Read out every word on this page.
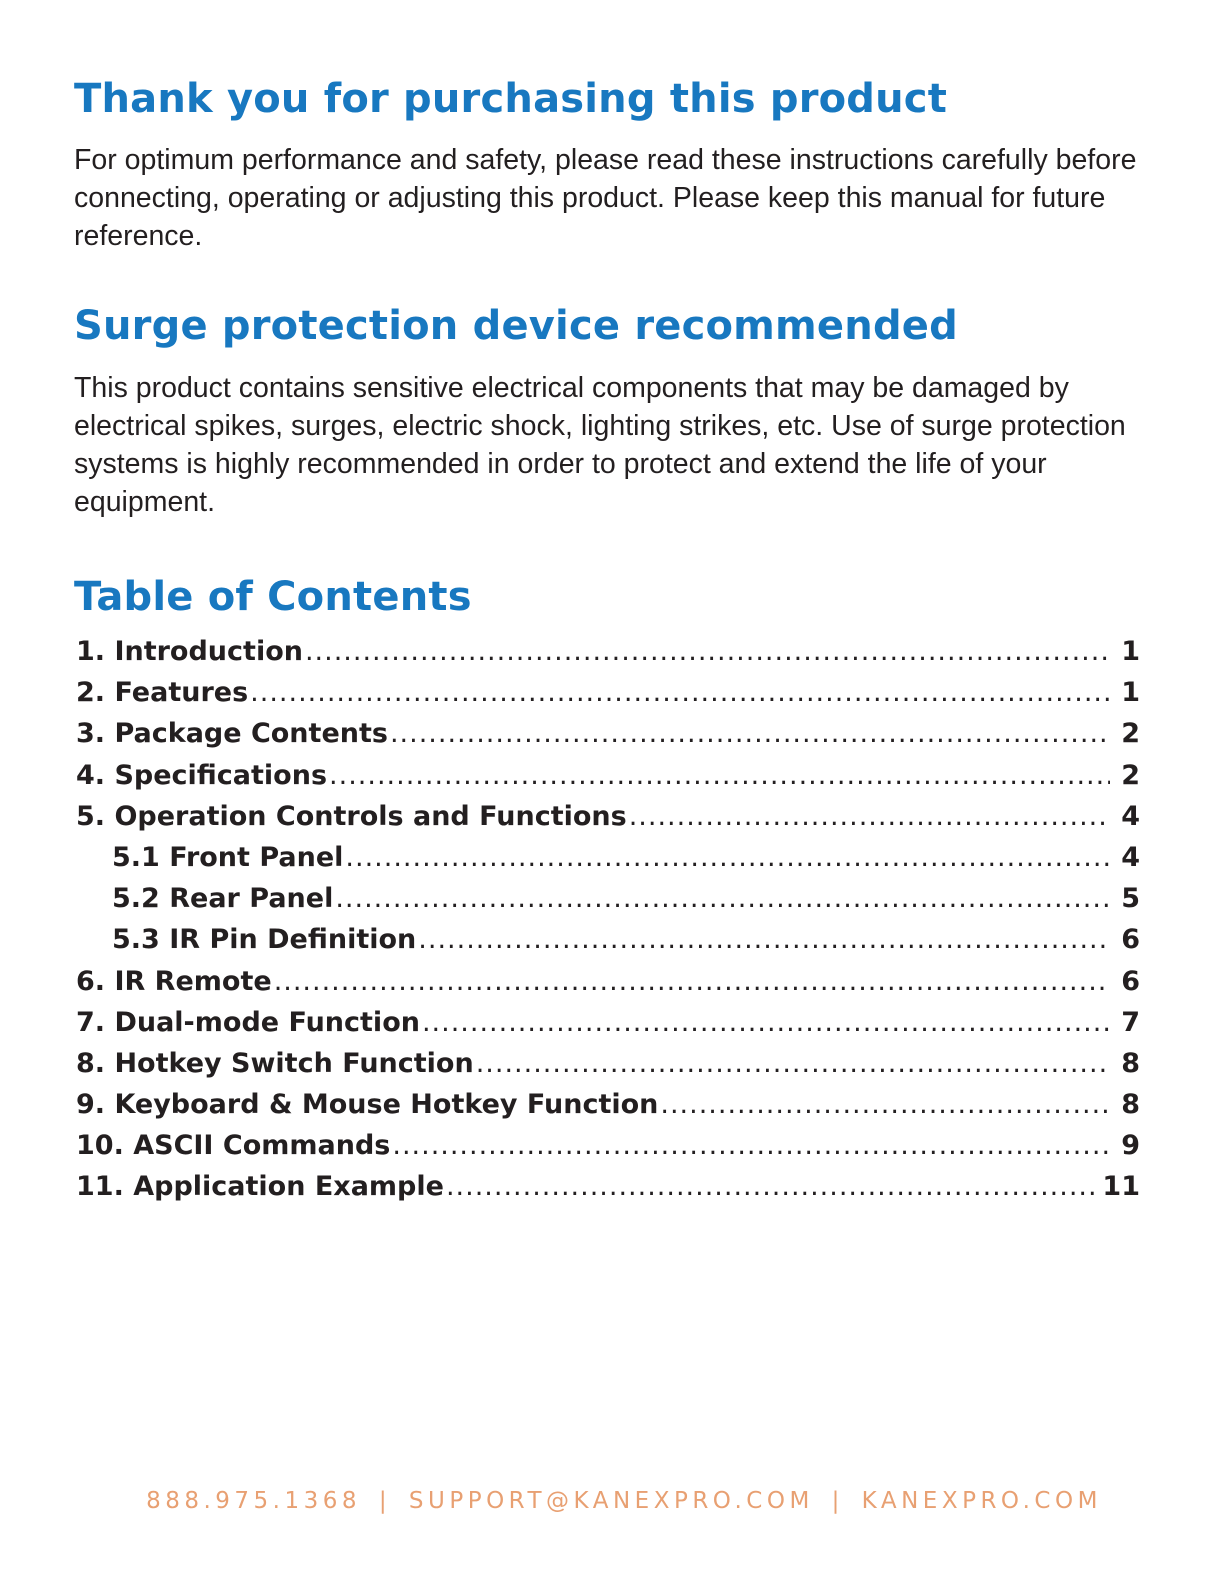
Thank you for purchasing this product

For optimum performance and safety, please read these instructions carefully before connecting, operating or adjusting this product. Please keep this manual for future reference.

Surge protection device recommended

This product contains sensitive electrical components that may be damaged by electrical spikes, surges, electric shock, lighting strikes, etc. Use of surge protection systems is highly recommended in order to protect and extend the life of your equipment.

Table of Contents
1. Introduction .....	1
2. Features .....	1
3. Package Contents .....	2
4. Specifications .....	2
5. Operation Controls and Functions .....	4
5.1 Front Panel .....	4
5.2 Rear Panel .....	5
5.3 IR Pin Definition .....	6
6. IR Remote .....	6
7. Dual-mode Function .....	7
8. Hotkey Switch Function .....	8
9. Keyboard & Mouse Hotkey Function .....	8
10. ASCII Commands .....	9
11. Application Example .....	11
888.975.1368 | SUPPORT@KANEXPRO.COM | KANEXPRO.COM
